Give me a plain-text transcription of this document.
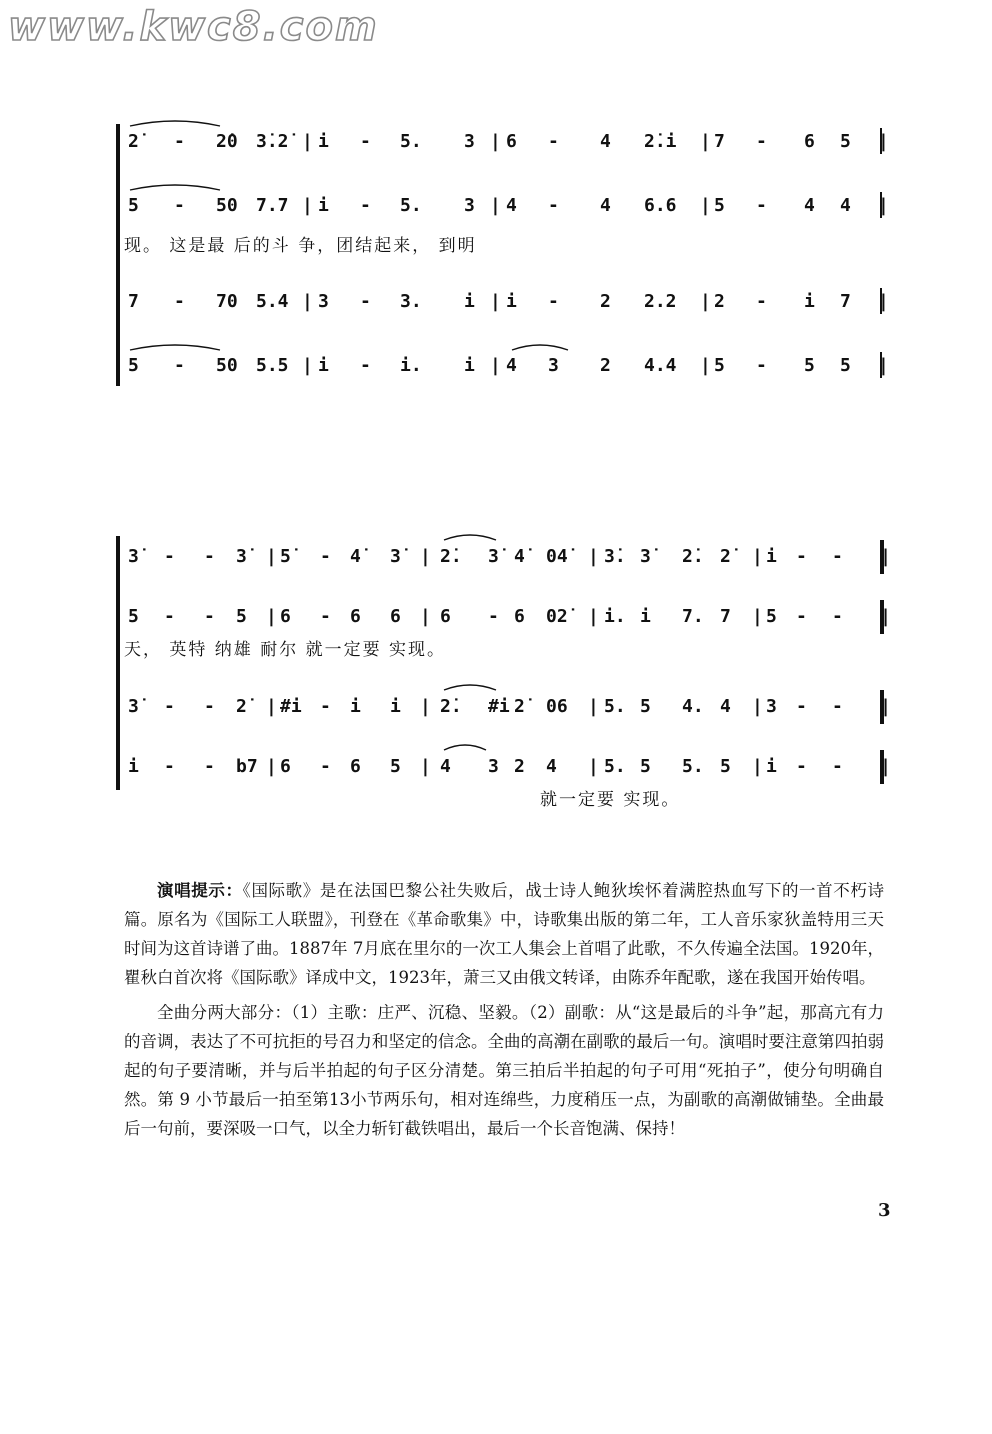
www.kwc8.com
2̇ - 2̇0 3̇.2̇ | i - 5. 3 | 6 - 4 2̇.i | 7 - 6 5 |
5 - 50 7.7 | i - 5. 3 | 4 - 4 6.6 | 5 - 4 4 |
现。 这是最 后的斗 争，团结起来， 到明
7 - 70 5.4 | 3 - 3. i | i - 2 2.2 | 2 - i 7 |
5 - 50 5.5 | i - i. i | 4 3 2 4.4 | 5 - 5 5 |
3̇ - - 3̇ | 5̇ - 4̇ 3̇ | 2̇. 3̇ 4̇ 04̇ | 3̇. 3̇ 2̇. 2̇ | i - - ‖
5 - - 5 | 6 - 6 6 | 6 - 6 02̇ | i. i 7. 7 | 5 - - ‖
天， 英特 纳雄 耐尔 就一定要 实现。
3̇ - - 2̇ | #i - i i | 2̇. #i 2̇ 06 | 5. 5 4. 4 | 3 - - ‖
i - - b7 | 6 - 6 5 | 4 3 2 4 | 5. 5 5. 5 | i - - ‖
就一定要 实现。

演唱提示：《国际歌》是在法国巴黎公社失败后，战士诗人鲍狄埃怀着满腔热血写下的一首不朽诗篇。原名为《国际工人联盟》，刊登在《革命歌集》中，诗歌集出版的第二年，工人音乐家狄盖特用三天时间为这首诗谱了曲。1887年 7月底在里尔的一次工人集会上首唱了此歌，不久传遍全法国。1920年，瞿秋白首次将《国际歌》译成中文，1923年，萧三又由俄文转译，由陈乔年配歌，遂在我国开始传唱。

全曲分两大部分：（1）主歌：庄严、沉稳、坚毅。（2）副歌：从“这是最后的斗争”起，那高亢有力的音调，表达了不可抗拒的号召力和坚定的信念。全曲的高潮在副歌的最后一句。演唱时要注意第四拍弱起的句子要清晰，并与后半拍起的句子区分清楚。第三拍后半拍起的句子可用“死拍子”，使分句明确自然。第 9 小节最后一拍至第13小节两乐句，相对连绵些，力度稍压一点，为副歌的高潮做铺垫。全曲最后一句前，要深吸一口气，以全力斩钉截铁唱出，最后一个长音饱满、保持！

3
